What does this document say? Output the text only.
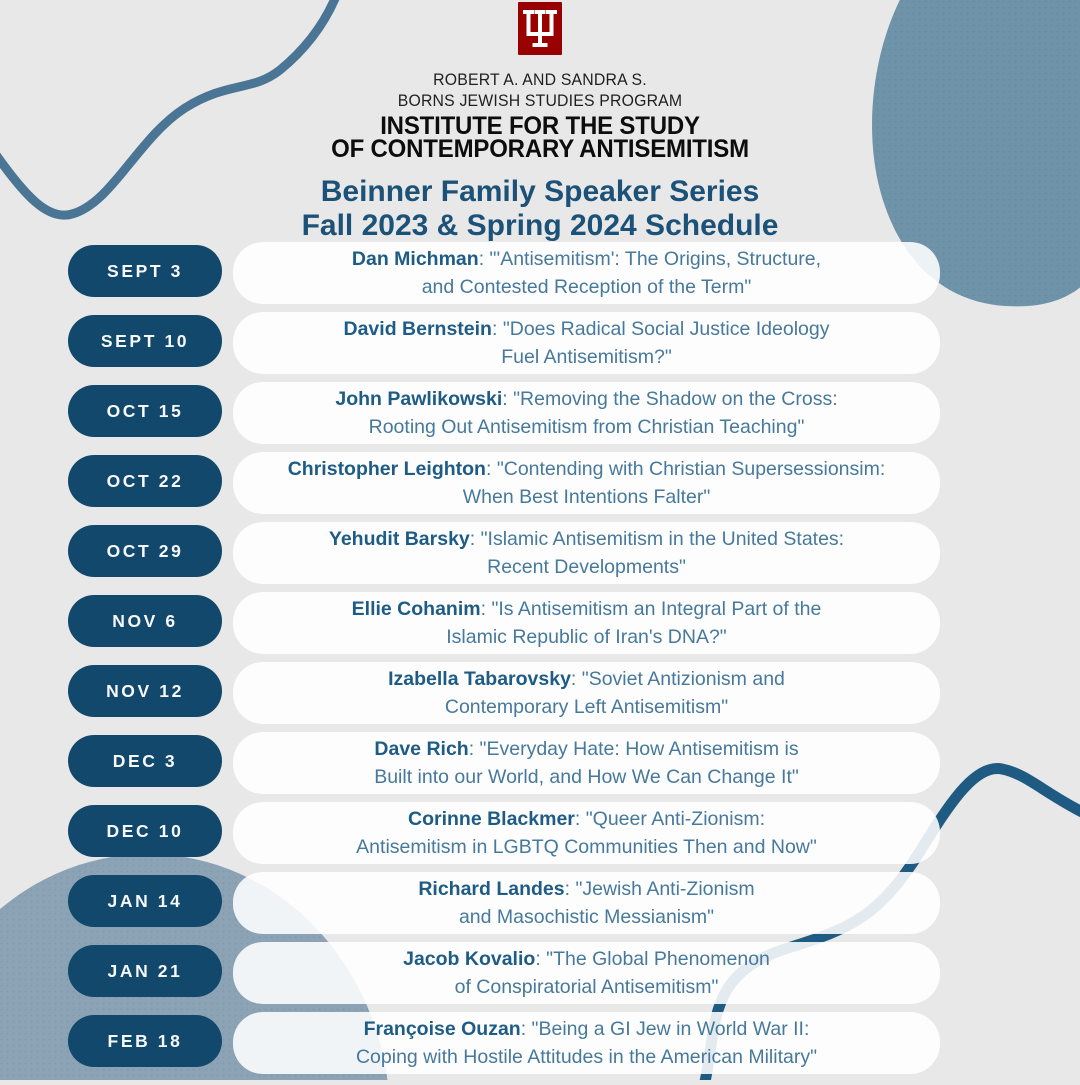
ROBERT A. AND SANDRA S.
BORNS JEWISH STUDIES PROGRAM
INSTITUTE FOR THE STUDY
OF CONTEMPORARY ANTISEMITISM
Beinner Family Speaker Series
Fall 2023 & Spring 2024 Schedule
SEPT 3
Dan Michman: "'Antisemitism': The Origins, Structure,
and Contested Reception of the Term"
SEPT 10
David Bernstein: "Does Radical Social Justice Ideology
Fuel Antisemitism?"
OCT 15
John Pawlikowski: "Removing the Shadow on the Cross:
Rooting Out Antisemitism from Christian Teaching"
OCT 22
Christopher Leighton: "Contending with Christian Supersessionsim:
When Best Intentions Falter"
OCT 29
Yehudit Barsky: "Islamic Antisemitism in the United States:
Recent Developments"
NOV 6
Ellie Cohanim: "Is Antisemitism an Integral Part of the
Islamic Republic of Iran's DNA?"
NOV 12
Izabella Tabarovsky: "Soviet Antizionism and
Contemporary Left Antisemitism"
DEC 3
Dave Rich: "Everyday Hate: How Antisemitism is
Built into our World, and How We Can Change It"
DEC 10
Corinne Blackmer: "Queer Anti-Zionism:
Antisemitism in LGBTQ Communities Then and Now"
JAN 14
Richard Landes: "Jewish Anti-Zionism
and Masochistic Messianism"
JAN 21
Jacob Kovalio: "The Global Phenomenon
of Conspiratorial Antisemitism"
FEB 18
Françoise Ouzan: "Being a GI Jew in World War II:
Coping with Hostile Attitudes in the American Military"
